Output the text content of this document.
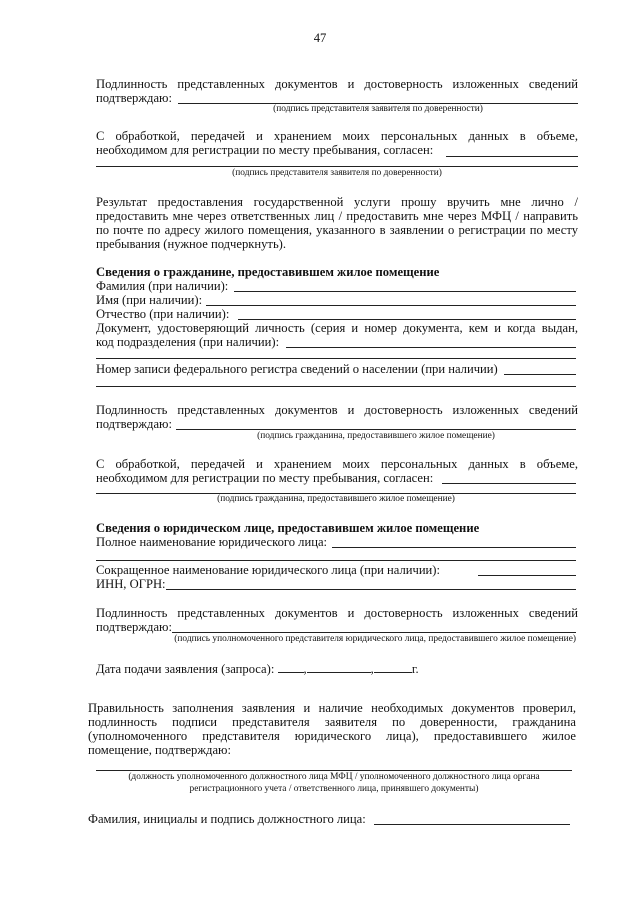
47
Подлинность представленных документов и достоверность изложенных сведений
подтверждаю:
(подпись представителя заявителя по доверенности)
С обработкой, передачей и хранением моих персональных данных в объеме,
необходимом для регистрации по месту пребывания, согласен:
(подпись представителя заявителя по доверенности)
Результат предоставления государственной услуги прошу вручить мне лично /
предоставить мне через ответственных лиц / предоставить мне через МФЦ / направить
по почте по адресу жилого помещения, указанного в заявлении о регистрации по месту
пребывания (нужное подчеркнуть).
Сведения о гражданине, предоставившем жилое помещение
Фамилия (при наличии):
Имя (при наличии):
Отчество (при наличии):
Документ, удостоверяющий личность (серия и номер документа, кем и когда выдан,
код подразделения (при наличии):
Номер записи федерального регистра сведений о населении (при наличии)
Подлинность представленных документов и достоверность изложенных сведений
подтверждаю:
(подпись гражданина, предоставившего жилое помещение)
С обработкой, передачей и хранением моих персональных данных в объеме,
необходимом для регистрации по месту пребывания, согласен:
(подпись гражданина, предоставившего жилое помещение)
Сведения о юридическом лице, предоставившем жилое помещение
Полное наименование юридического лица:
Сокращенное наименование юридического лица (при наличии):
ИНН, ОГРН:
Подлинность представленных документов и достоверность изложенных сведений
подтверждаю:
(подпись уполномоченного представителя юридического лица, предоставившего жилое помещение)
Дата подачи заявления (запроса): ,	,	г.
Правильность заполнения заявления и наличие необходимых документов проверил,
подлинность подписи представителя заявителя по доверенности, гражданина
(уполномоченного представителя юридического лица), предоставившего жилое
помещение, подтверждаю:
(должность уполномоченного должностного лица МФЦ / уполномоченного должностного лица органа
регистрационного учета / ответственного лица, принявшего документы)
Фамилия, инициалы и подпись должностного лица:
